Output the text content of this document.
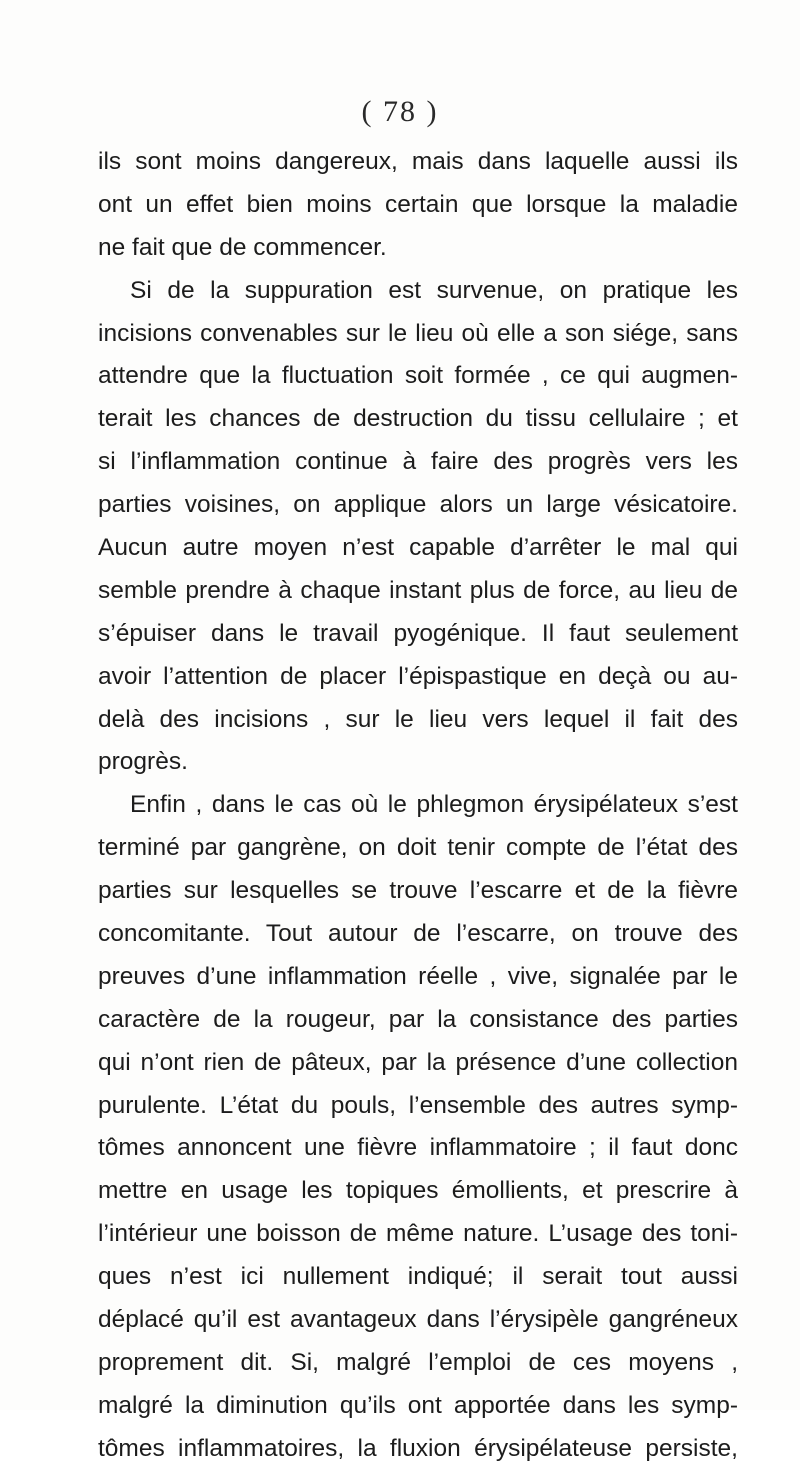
( 78 )
ils sont moins dangereux, mais dans laquelle aussi ils
ont un effet bien moins certain que lorsque la maladie
ne fait que de commencer.
Si de la suppuration est survenue, on pratique les
incisions convenables sur le lieu où elle a son siége, sans
attendre que la fluctuation soit formée , ce qui augmen-
terait les chances de destruction du tissu cellulaire ; et
si l’inflammation continue à faire des progrès vers les
parties voisines, on applique alors un large vésicatoire.
Aucun autre moyen n’est capable d’arrêter le mal qui
semble prendre à chaque instant plus de force, au lieu de
s’épuiser dans le travail pyogénique. Il faut seulement
avoir l’attention de placer l’épispastique en deçà ou au-
delà des incisions , sur le lieu vers lequel il fait des
progrès.
Enfin , dans le cas où le phlegmon érysipélateux s’est
terminé par gangrène, on doit tenir compte de l’état des
parties sur lesquelles se trouve l’escarre et de la fièvre
concomitante. Tout autour de l’escarre, on trouve des
preuves d’une inflammation réelle , vive, signalée par le
caractère de la rougeur, par la consistance des parties
qui n’ont rien de pâteux, par la présence d’une collection
purulente. L’état du pouls, l’ensemble des autres symp-
tômes annoncent une fièvre inflammatoire ; il faut donc
mettre en usage les topiques émollients, et prescrire à
l’intérieur une boisson de même nature. L’usage des toni-
ques n’est ici nullement indiqué; il serait tout aussi
déplacé qu’il est avantageux dans l’érysipèle gangréneux
proprement dit. Si, malgré l’emploi de ces moyens ,
malgré la diminution qu’ils ont apportée dans les symp-
tômes inflammatoires, la fluxion érysipélateuse persiste,
